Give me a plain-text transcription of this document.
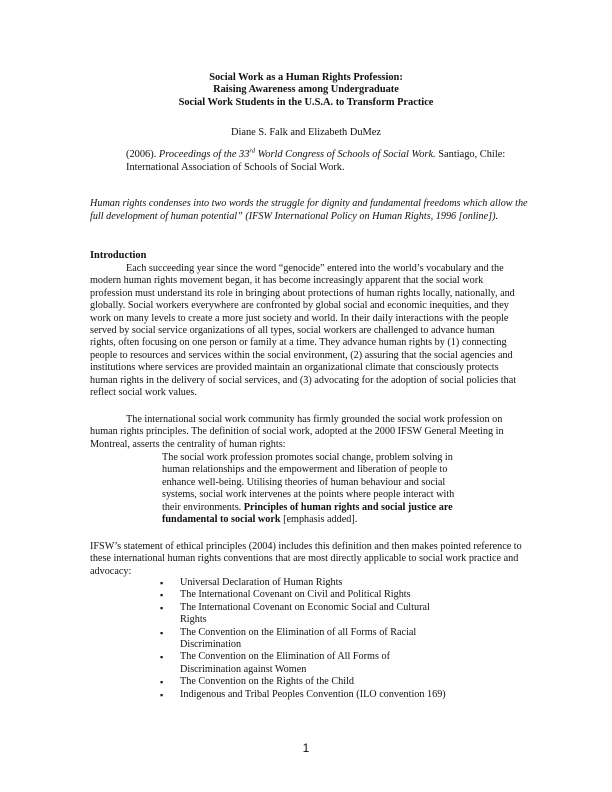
Social Work as a Human Rights Profession:
Raising Awareness among Undergraduate
Social Work Students in the U.S.A. to Transform Practice
Diane S. Falk and Elizabeth DuMez
(2006). Proceedings of the 33rd World Congress of Schools of Social Work. Santiago, Chile: International Association of Schools of Social Work.
Human rights condenses into two words the struggle for dignity and fundamental freedoms which allow the full development of human potential” (IFSW International Policy on Human Rights, 1996 [online]).
Introduction
Each succeeding year since the word “genocide” entered into the world’s vocabulary and the modern human rights movement began, it has become increasingly apparent that the social work profession must understand its role in bringing about protections of human rights locally, nationally, and globally. Social workers everywhere are confronted by global social and economic inequities, and they work on many levels to create a more just society and world. In their daily interactions with the people served by social service organizations of all types, social workers are challenged to advance human rights, often focusing on one person or family at a time. They advance human rights by (1) connecting people to resources and services within the social environment, (2) assuring that the social agencies and institutions where services are provided maintain an organizational climate that consciously protects human rights in the delivery of social services, and (3) advocating for the adoption of social policies that reflect social work values.
The international social work community has firmly grounded the social work profession on human rights principles. The definition of social work, adopted at the 2000 IFSW General Meeting in Montreal, asserts the centrality of human rights:
The social work profession promotes social change, problem solving in human relationships and the empowerment and liberation of people to enhance well-being. Utilising theories of human behaviour and social systems, social work intervenes at the points where people interact with their environments. Principles of human rights and social justice are fundamental to social work [emphasis added].
IFSW’s statement of ethical principles (2004) includes this definition and then makes pointed reference to these international human rights conventions that are most directly applicable to social work practice and advocacy:
▪ Universal Declaration of Human Rights
▪ The International Covenant on Civil and Political Rights
▪ The International Covenant on Economic Social and Cultural Rights
▪ The Convention on the Elimination of all Forms of Racial Discrimination
▪ The Convention on the Elimination of All Forms of Discrimination against Women
▪ The Convention on the Rights of the Child
▪ Indigenous and Tribal Peoples Convention (ILO convention 169)
1
